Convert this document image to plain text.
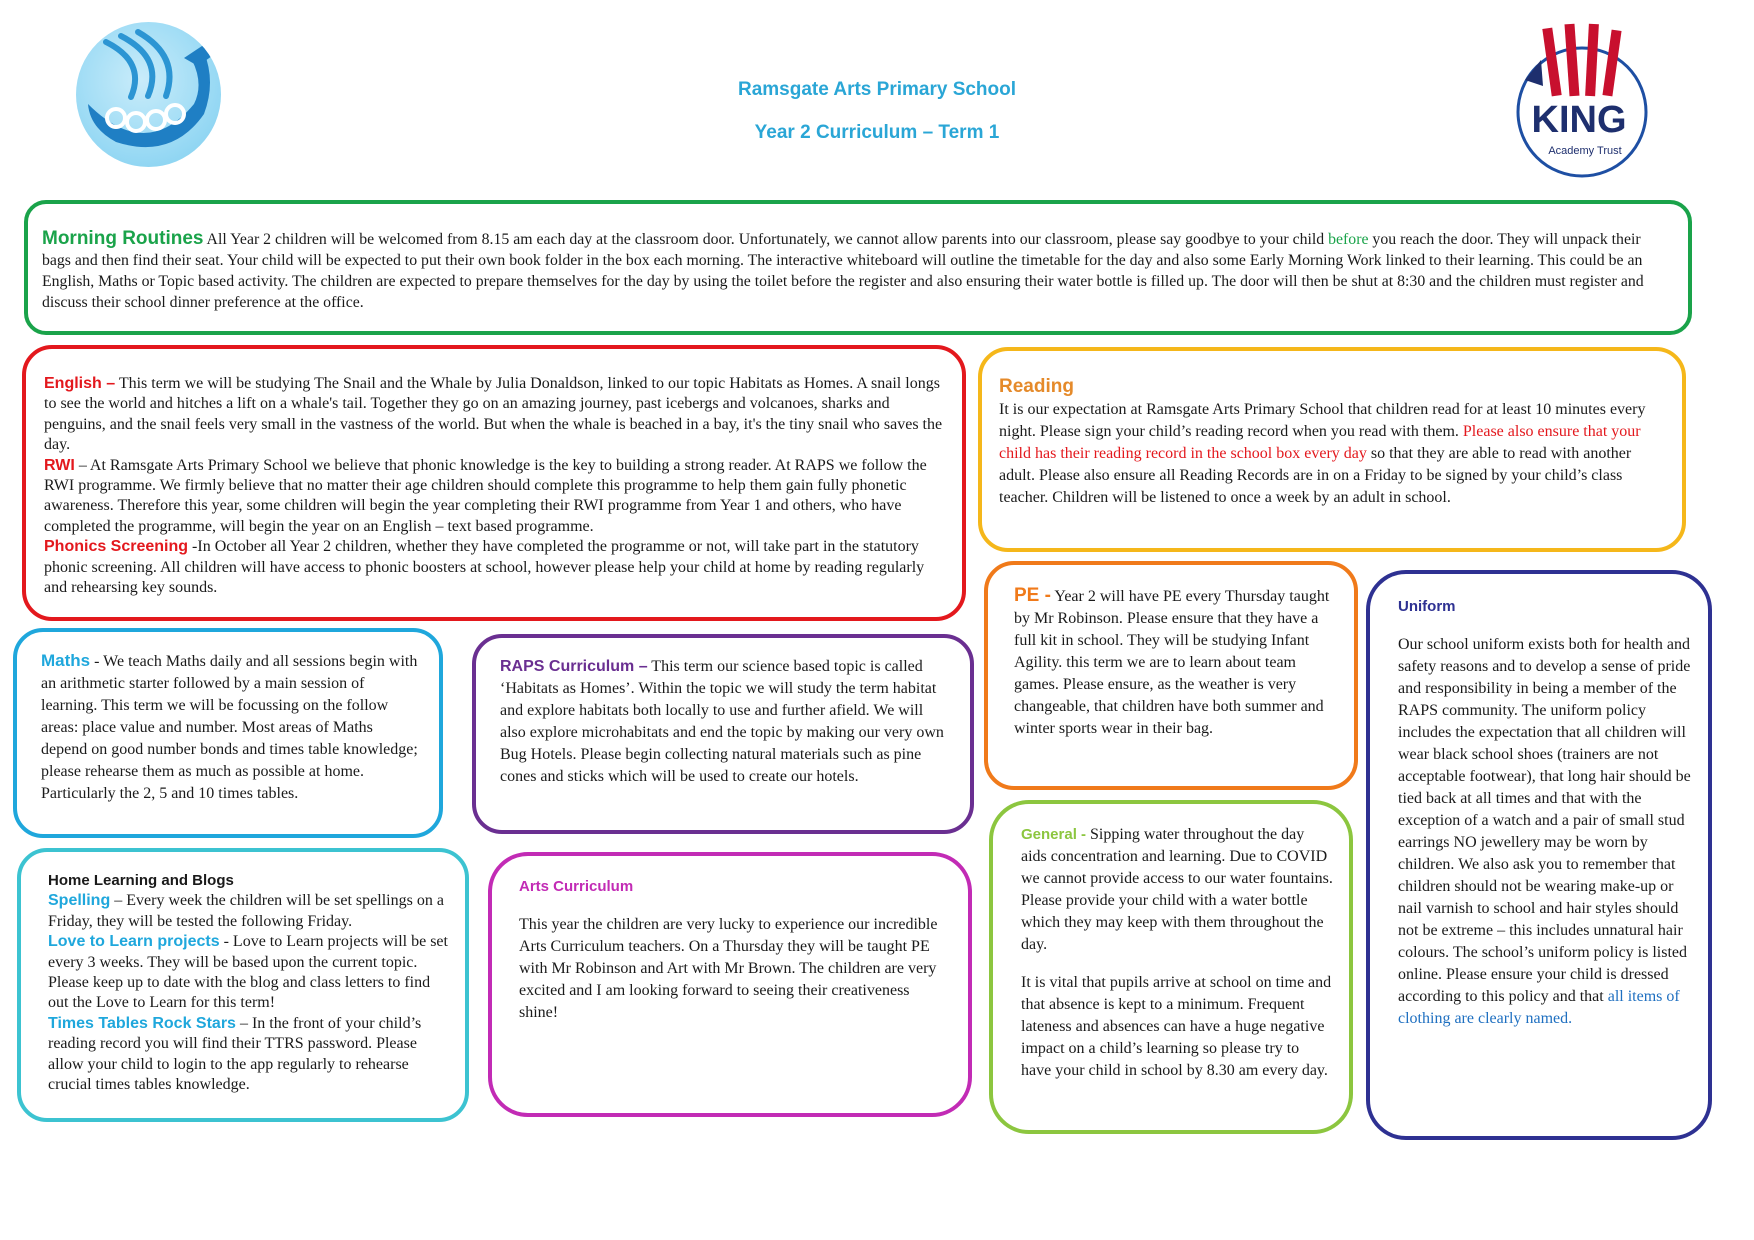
KING
Academy Trust
Ramsgate Arts Primary School
Year 2 Curriculum – Term 1

Morning Routines All Year 2 children will be welcomed from 8.15 am each day at the classroom door. Unfortunately, we cannot allow parents into our classroom, please say goodbye to your child before you reach the door. They will unpack their bags and then find their seat. Your child will be expected to put their own book folder in the box each morning. The interactive whiteboard will outline the timetable for the day and also some Early Morning Work linked to their learning. This could be an English, Maths or Topic based activity. The children are expected to prepare themselves for the day by using the toilet before the register and also ensuring their water bottle is filled up. The door will then be shut at 8:30 and the children must register and discuss their school dinner preference at the office.

English – This term we will be studying The Snail and the Whale by Julia Donaldson, linked to our topic Habitats as Homes. A snail longs to see the world and hitches a lift on a whale's tail. Together they go on an amazing journey, past icebergs and volcanoes, sharks and penguins, and the snail feels very small in the vastness of the world. But when the whale is beached in a bay, it's the tiny snail who saves the day.

RWI – At Ramsgate Arts Primary School we believe that phonic knowledge is the key to building a strong reader. At RAPS we follow the RWI programme. We firmly believe that no matter their age children should complete this programme to help them gain fully phonetic awareness. Therefore this year, some children will begin the year completing their RWI programme from Year 1 and others, who have completed the programme, will begin the year on an English – text based programme.

Phonics Screening -In October all Year 2 children, whether they have completed the programme or not, will take part in the statutory phonic screening. All children will have access to phonic boosters at school, however please help your child at home by reading regularly and rehearsing key sounds.

Reading

It is our expectation at Ramsgate Arts Primary School that children read for at least 10 minutes every night. Please sign your child’s reading record when you read with them. Please also ensure that your child has their reading record in the school box every day so that they are able to read with another adult. Please also ensure all Reading Records are in on a Friday to be signed by your child’s class teacher. Children will be listened to once a week by an adult in school.

Maths - We teach Maths daily and all sessions begin with an arithmetic starter followed by a main session of learning. This term we will be focussing on the follow areas: place value and number. Most areas of Maths depend on good number bonds and times table knowledge; please rehearse them as much as possible at home. Particularly the 2, 5 and 10 times tables.

RAPS Curriculum – This term our science based topic is called ‘Habitats as Homes’. Within the topic we will study the term habitat and explore habitats both locally to use and further afield. We will also explore microhabitats and end the topic by making our very own Bug Hotels. Please begin collecting natural materials such as pine cones and sticks which will be used to create our hotels.

PE - Year 2 will have PE every Thursday taught by Mr Robinson. Please ensure that they have a full kit in school. They will be studying Infant Agility. this term we are to learn about team games. Please ensure, as the weather is very changeable, that children have both summer and winter sports wear in their bag.

Uniform

Our school uniform exists both for health and safety reasons and to develop a sense of pride and responsibility in being a member of the RAPS community. The uniform policy includes the expectation that all children will wear black school shoes (trainers are not acceptable footwear), that long hair should be tied back at all times and that with the exception of a watch and a pair of small stud earrings NO jewellery may be worn by children. We also ask you to remember that children should not be wearing make-up or nail varnish to school and hair styles should not be extreme – this includes unnatural hair colours. The school’s uniform policy is listed online. Please ensure your child is dressed according to this policy and that all items of clothing are clearly named.

Home Learning and Blogs

Spelling – Every week the children will be set spellings on a Friday, they will be tested the following Friday.

Love to Learn projects - Love to Learn projects will be set every 3 weeks. They will be based upon the current topic. Please keep up to date with the blog and class letters to find out the Love to Learn for this term!

Times Tables Rock Stars – In the front of your child’s reading record you will find their TTRS password. Please allow your child to login to the app regularly to rehearse crucial times tables knowledge.

Arts Curriculum

This year the children are very lucky to experience our incredible Arts Curriculum teachers. On a Thursday they will be taught PE with Mr Robinson and Art with Mr Brown. The children are very excited and I am looking forward to seeing their creativeness shine!

General - Sipping water throughout the day aids concentration and learning. Due to COVID we cannot provide access to our water fountains. Please provide your child with a water bottle which they may keep with them throughout the day.

It is vital that pupils arrive at school on time and that absence is kept to a minimum. Frequent lateness and absences can have a huge negative impact on a child’s learning so please try to have your child in school by 8.30 am every day.
